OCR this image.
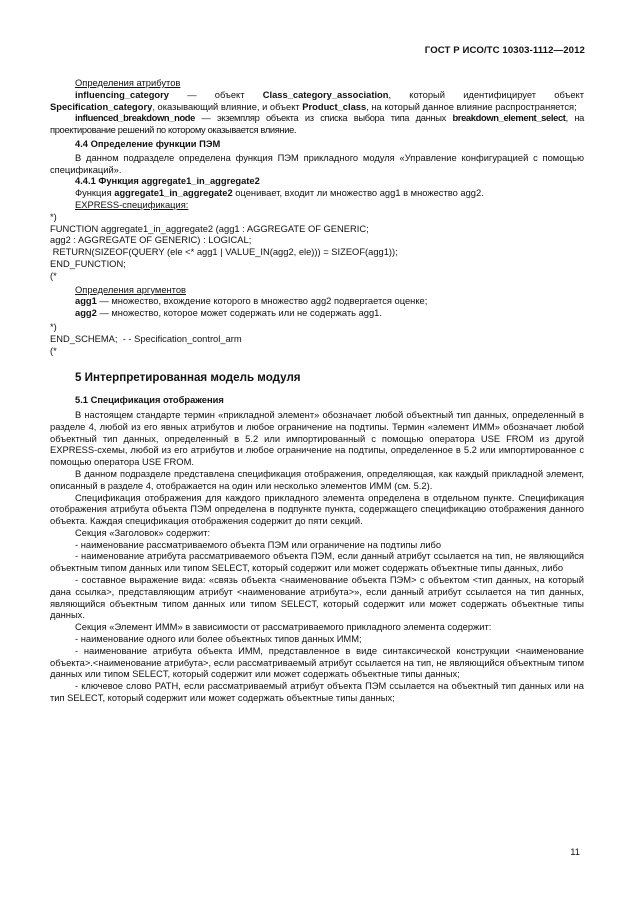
ГОСТ Р ИСО/ТС 10303-1112—2012

Определения атрибутов

influencing_category — объект Class_category_association, который идентифицирует объект Specification_category, оказывающий влияние, и объект Product_class, на который данное влияние распространяется;

influenced_breakdown_node — экземпляр объекта из списка выбора типа данных breakdown_element_select, на проектирование решений по которому оказывается влияние.

4.4 Определение функции ПЭМ

В данном подразделе определена функция ПЭМ прикладного модуля «Управление конфигурацией с помощью спецификаций».

4.4.1 Функция aggregate1_in_aggregate2

Функция aggregate1_in_aggregate2 оценивает, входит ли множество agg1 в множество agg2.

EXPRESS-спецификация:

*)

FUNCTION aggregate1_in_aggregate2 (agg1 : AGGREGATE OF GENERIC;

agg2 : AGGREGATE OF GENERIC) : LOGICAL;

RETURN(SIZEOF(QUERY (ele <* agg1 | VALUE_IN(agg2, ele))) = SIZEOF(agg1));

END_FUNCTION;

(*

Определения аргументов

agg1 — множество, вхождение которого в множество agg2 подвергается оценке;

agg2 — множество, которое может содержать или не содержать agg1.

*)

END_SCHEMA;  - - Specification_control_arm

(*

5 Интерпретированная модель модуля

5.1 Спецификация отображения

В настоящем стандарте термин «прикладной элемент» обозначает любой объектный тип данных, определенный в разделе 4, любой из его явных атрибутов и любое ограничение на подтипы. Термин «элемент ИММ» обозначает любой объектный тип данных, определенный в 5.2 или импортированный с помощью оператора USE FROM из другой EXPRESS-схемы, любой из его атрибутов и любое ограничение на подтипы, определенное в 5.2 или импортированное с помощью оператора USE FROM.

В данном подразделе представлена спецификация отображения, определяющая, как каждый прикладной элемент, описанный в разделе 4, отображается на один или несколько элементов ИММ (см. 5.2).

Спецификация отображения для каждого прикладного элемента определена в отдельном пункте. Спецификация отображения атрибута объекта ПЭМ определена в подпункте пункта, содержащего спецификацию отображения данного объекта. Каждая спецификация отображения содержит до пяти секций.

Секция «Заголовок» содержит:

- наименование рассматриваемого объекта ПЭМ или ограничение на подтипы либо

- наименование атрибута рассматриваемого объекта ПЭМ, если данный атрибут ссылается на тип, не являющийся объектным типом данных или типом SELECT, который содержит или может содержать объектные типы данных, либо

- составное выражение вида: «связь объекта <наименование объекта ПЭМ> с объектом <тип данных, на который дана ссылка>, представляющим атрибут <наименование атрибута>», если данный атрибут ссылается на тип данных, являющийся объектным типом данных или типом SELECT, который содержит или может содержать объектные типы данных.

Секция «Элемент ИММ» в зависимости от рассматриваемого прикладного элемента содержит:

- наименование одного или более объектных типов данных ИММ;

- наименование атрибута объекта ИММ, представленное в виде синтаксической конструкции <наименование объекта>.<наименование атрибута>, если рассматриваемый атрибут ссылается на тип, не являющийся объектным типом данных или типом SELECT, который содержит или может содержать объектные типы данных;

- ключевое слово PATH, если рассматриваемый атрибут объекта ПЭМ ссылается на объектный тип данных или на тип SELECT, который содержит или может содержать объектные типы данных;

11
